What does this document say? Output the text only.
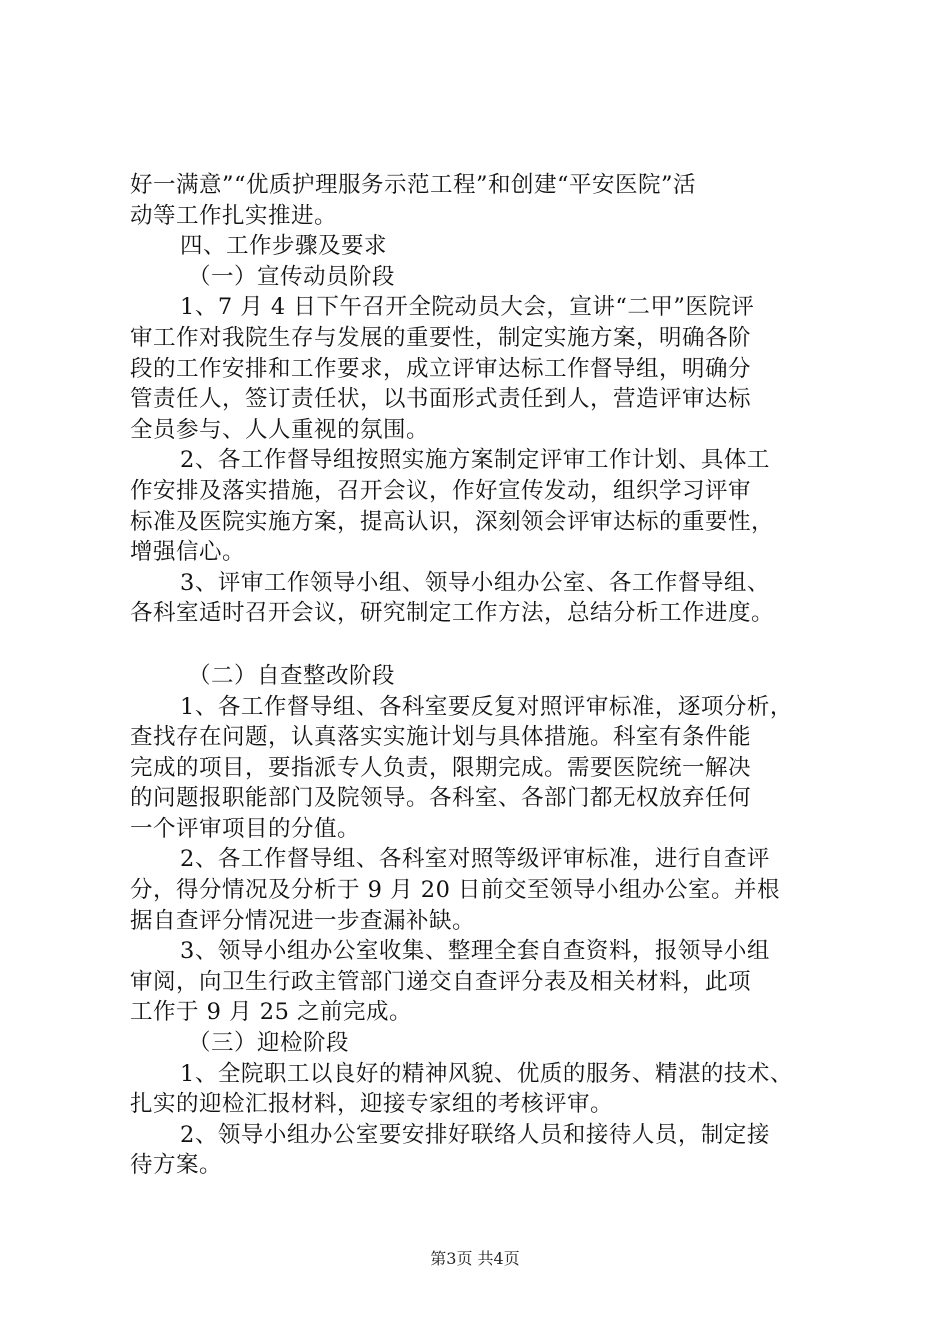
好一满意”“优质护理服务示范工程”和创建“平安医院”活
动等工作扎实推进。
四、工作步骤及要求
（一）宣传动员阶段
1、7 月 4 日下午召开全院动员大会，宣讲“二甲”医院评
审工作对我院生存与发展的重要性，制定实施方案，明确各阶
段的工作安排和工作要求，成立评审达标工作督导组，明确分
管责任人，签订责任状，以书面形式责任到人，营造评审达标
全员参与、人人重视的氛围。
2、各工作督导组按照实施方案制定评审工作计划、具体工
作安排及落实措施，召开会议，作好宣传发动，组织学习评审
标准及医院实施方案，提高认识，深刻领会评审达标的重要性，
增强信心。
3、评审工作领导小组、领导小组办公室、各工作督导组、
各科室适时召开会议，研究制定工作方法，总结分析工作进度。
（二）自查整改阶段
1、各工作督导组、各科室要反复对照评审标准，逐项分析，
查找存在问题，认真落实实施计划与具体措施。科室有条件能
完成的项目，要指派专人负责，限期完成。需要医院统一解决
的问题报职能部门及院领导。各科室、各部门都无权放弃任何
一个评审项目的分值。
2、各工作督导组、各科室对照等级评审标准，进行自查评
分，得分情况及分析于 9 月 20 日前交至领导小组办公室。并根
据自查评分情况进一步查漏补缺。
3、领导小组办公室收集、整理全套自查资料，报领导小组
审阅，向卫生行政主管部门递交自查评分表及相关材料，此项
工作于 9 月 25 之前完成。
（三）迎检阶段
1、全院职工以良好的精神风貌、优质的服务、精湛的技术、
扎实的迎检汇报材料，迎接专家组的考核评审。
2、领导小组办公室要安排好联络人员和接待人员，制定接
待方案。
第3页 共4页
